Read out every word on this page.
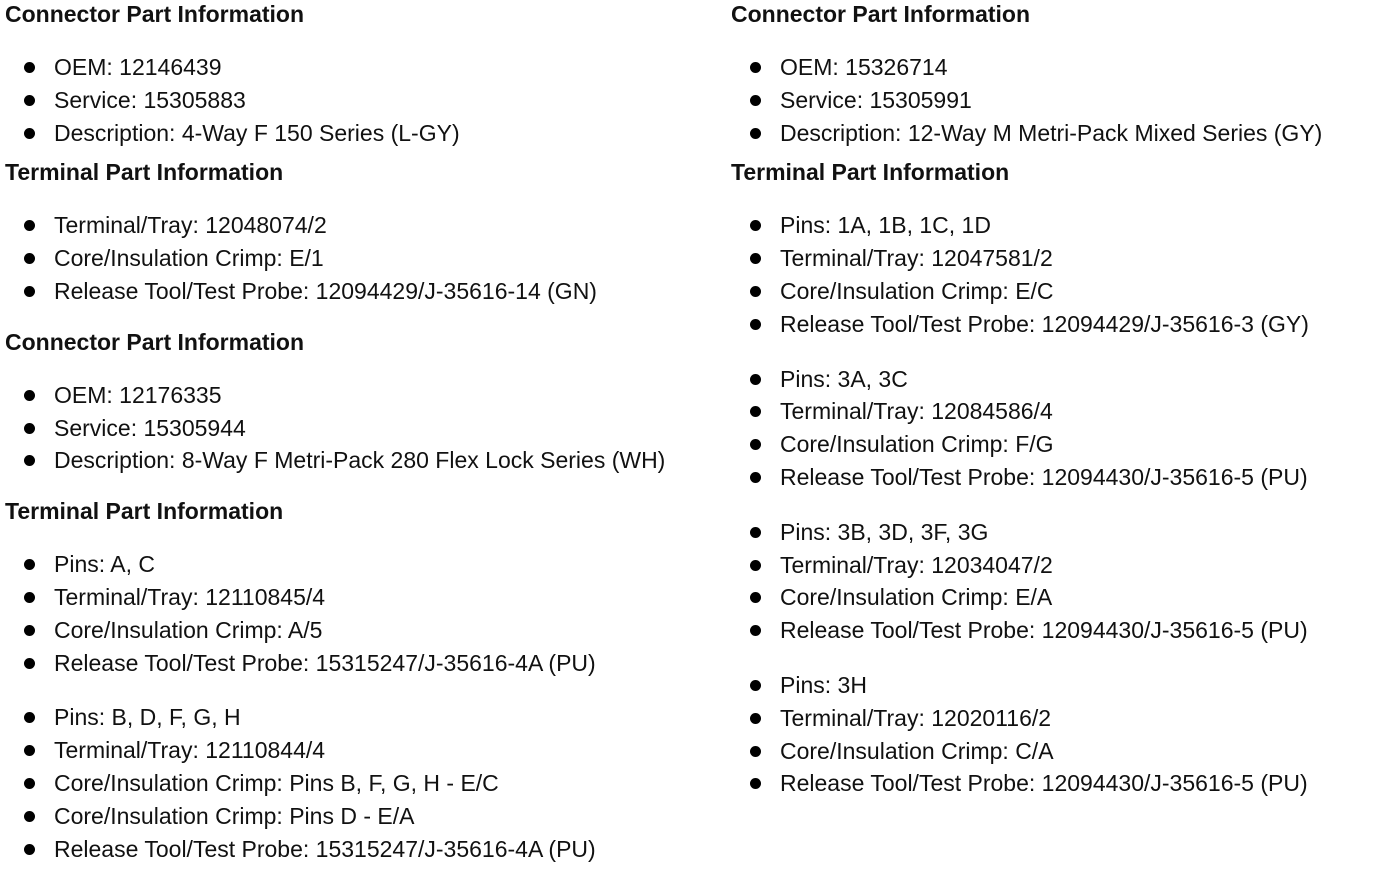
Connector Part Information
OEM: 12146439
Service: 15305883
Description: 4-Way F 150 Series (L-GY)
Terminal Part Information
Terminal/Tray: 12048074/2
Core/Insulation Crimp: E/1
Release Tool/Test Probe: 12094429/J-35616-14 (GN)
Connector Part Information
OEM: 12176335
Service: 15305944
Description: 8-Way F Metri-Pack 280 Flex Lock Series (WH)
Terminal Part Information
Pins: A, C
Terminal/Tray: 12110845/4
Core/Insulation Crimp: A/5
Release Tool/Test Probe: 15315247/J-35616-4A (PU)
Pins: B, D, F, G, H
Terminal/Tray: 12110844/4
Core/Insulation Crimp: Pins B, F, G, H - E/C
Core/Insulation Crimp: Pins D - E/A
Release Tool/Test Probe: 15315247/J-35616-4A (PU)
Connector Part Information
OEM: 15326714
Service: 15305991
Description: 12-Way M Metri-Pack Mixed Series (GY)
Terminal Part Information
Pins: 1A, 1B, 1C, 1D
Terminal/Tray: 12047581/2
Core/Insulation Crimp: E/C
Release Tool/Test Probe: 12094429/J-35616-3 (GY)
Pins: 3A, 3C
Terminal/Tray: 12084586/4
Core/Insulation Crimp: F/G
Release Tool/Test Probe: 12094430/J-35616-5 (PU)
Pins: 3B, 3D, 3F, 3G
Terminal/Tray: 12034047/2
Core/Insulation Crimp: E/A
Release Tool/Test Probe: 12094430/J-35616-5 (PU)
Pins: 3H
Terminal/Tray: 12020116/2
Core/Insulation Crimp: C/A
Release Tool/Test Probe: 12094430/J-35616-5 (PU)
